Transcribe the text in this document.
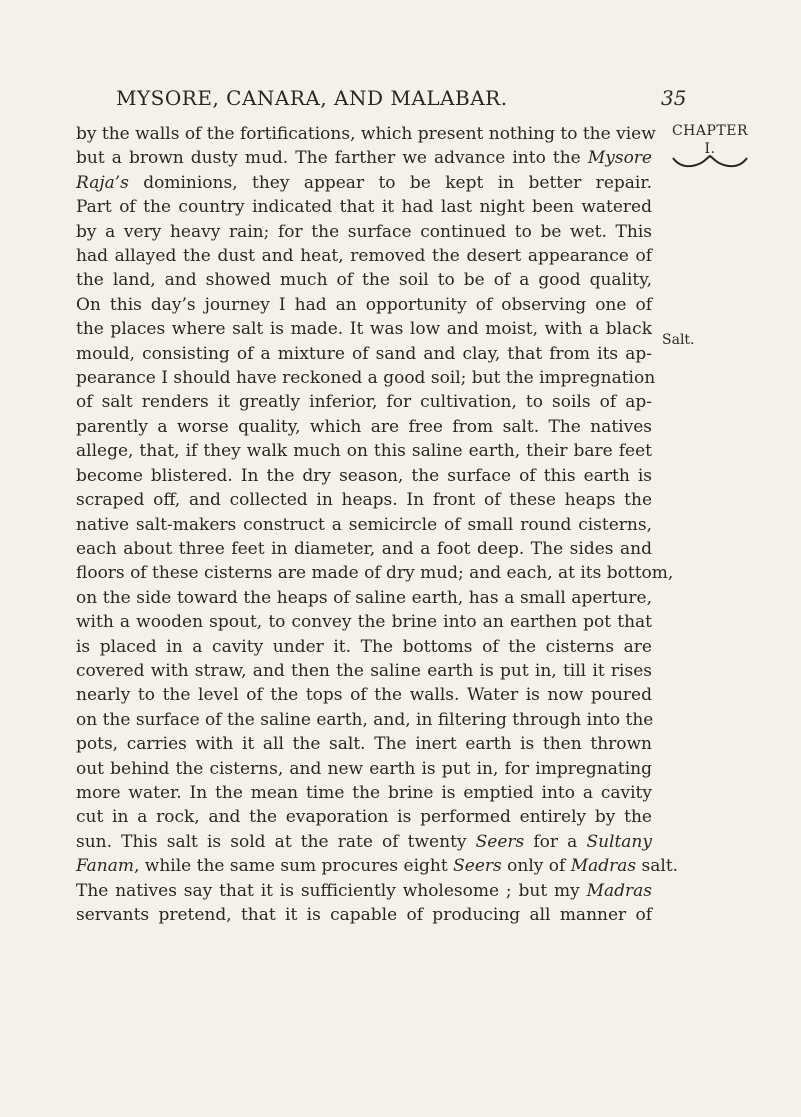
MYSORE, CANARA, AND MALABAR.	35
CHAPTER
I.
Salt.
by the walls of the fortifications, which present nothing to the view
but a brown dusty mud. The farther we advance into the Mysore
Raja’s dominions, they appear to be kept in better repair.
Part of the country indicated that it had last night been watered
by a very heavy rain; for the surface continued to be wet. This
had allayed the dust and heat, removed the desert appearance of
the land, and showed much of the soil to be of a good quality,
On this day’s journey I had an opportunity of observing one of
the places where salt is made. It was low and moist, with a black
mould, consisting of a mixture of sand and clay, that from its ap-
pearance I should have reckoned a good soil; but the impregnation
of salt renders it greatly inferior, for cultivation, to soils of ap-
parently a worse quality, which are free from salt. The natives
allege, that, if they walk much on this saline earth, their bare feet
become blistered. In the dry season, the surface of this earth is
scraped off, and collected in heaps. In front of these heaps the
native salt-makers construct a semicircle of small round cisterns,
each about three feet in diameter, and a foot deep. The sides and
floors of these cisterns are made of dry mud; and each, at its bottom,
on the side toward the heaps of saline earth, has a small aperture,
with a wooden spout, to convey the brine into an earthen pot that
is placed in a cavity under it. The bottoms of the cisterns are
covered with straw, and then the saline earth is put in, till it rises
nearly to the level of the tops of the walls. Water is now poured
on the surface of the saline earth, and, in filtering through into the
pots, carries with it all the salt. The inert earth is then thrown
out behind the cisterns, and new earth is put in, for impregnating
more water. In the mean time the brine is emptied into a cavity
cut in a rock, and the evaporation is performed entirely by the
sun. This salt is sold at the rate of twenty Seers for a Sultany
Fanam, while the same sum procures eight Seers only of Madras salt.
The natives say that it is sufficiently wholesome ; but my Madras
servants pretend, that it is capable of producing all manner of
